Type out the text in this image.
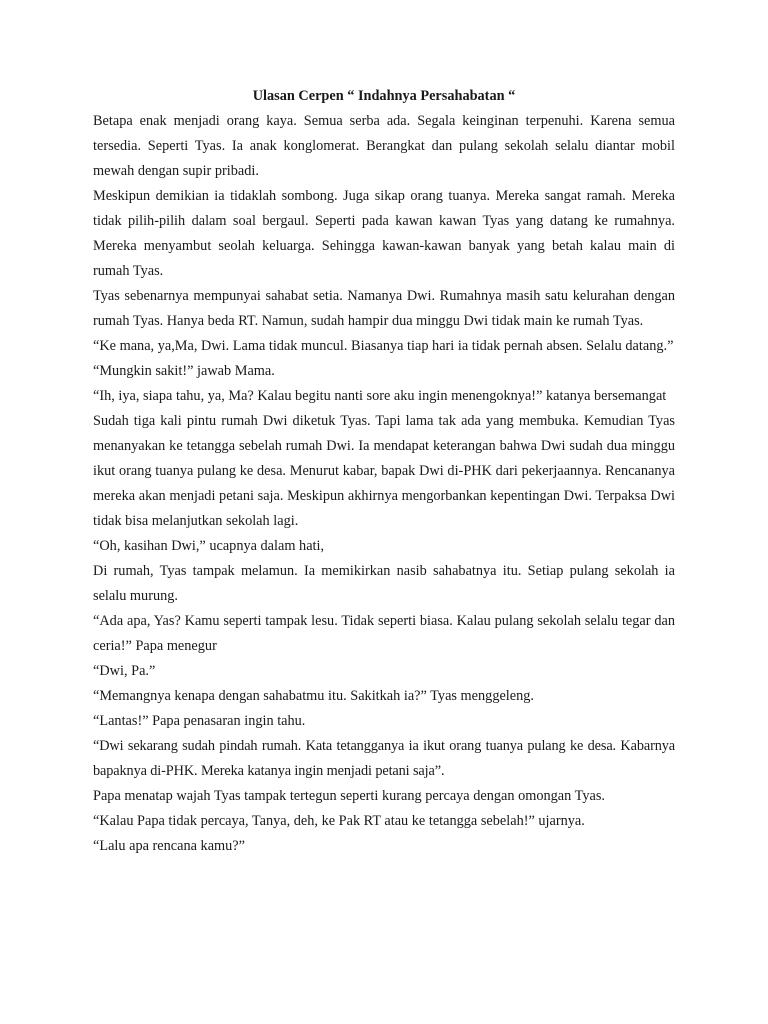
Ulasan Cerpen “ Indahnya Persahabatan “

Betapa enak menjadi orang kaya. Semua serba ada. Segala keinginan terpenuhi. Karena semua tersedia. Seperti Tyas. Ia anak konglomerat. Berangkat dan pulang sekolah selalu diantar mobil mewah dengan supir pribadi.

Meskipun demikian ia tidaklah sombong. Juga sikap orang tuanya. Mereka sangat ramah. Mereka tidak pilih-pilih dalam soal bergaul. Seperti pada kawan kawan Tyas yang datang ke rumahnya. Mereka menyambut seolah keluarga. Sehingga kawan-kawan banyak yang betah kalau main di rumah Tyas.

Tyas sebenarnya mempunyai sahabat setia. Namanya Dwi. Rumahnya masih satu kelurahan dengan rumah Tyas. Hanya beda RT. Namun, sudah hampir dua minggu Dwi tidak main ke rumah Tyas.

“Ke mana, ya,Ma, Dwi. Lama tidak muncul. Biasanya tiap hari ia tidak pernah absen. Selalu datang.”

“Mungkin sakit!” jawab Mama.

“Ih, iya, siapa tahu, ya, Ma? Kalau begitu nanti sore aku ingin menengoknya!” katanya bersemangat

Sudah tiga kali pintu rumah Dwi diketuk Tyas. Tapi lama tak ada yang membuka. Kemudian Tyas menanyakan ke tetangga sebelah rumah Dwi. Ia mendapat keterangan bahwa Dwi sudah dua minggu ikut orang tuanya pulang ke desa. Menurut kabar, bapak Dwi di-PHK dari pekerjaannya. Rencananya mereka akan menjadi petani saja. Meskipun akhirnya mengorbankan kepentingan Dwi. Terpaksa Dwi tidak bisa melanjutkan sekolah lagi.

“Oh, kasihan Dwi,” ucapnya dalam hati,

Di rumah, Tyas tampak melamun. Ia memikirkan nasib sahabatnya itu. Setiap pulang sekolah ia selalu murung.

“Ada apa, Yas? Kamu seperti tampak lesu. Tidak seperti biasa. Kalau pulang sekolah selalu tegar dan ceria!” Papa menegur

“Dwi, Pa.”

“Memangnya kenapa dengan sahabatmu itu. Sakitkah ia?” Tyas menggeleng.

“Lantas!” Papa penasaran ingin tahu.

“Dwi sekarang sudah pindah rumah. Kata tetangganya ia ikut orang tuanya pulang ke desa. Kabarnya bapaknya di-PHK. Mereka katanya ingin menjadi petani saja”.

Papa menatap wajah Tyas tampak tertegun seperti kurang percaya dengan omongan Tyas.

“Kalau Papa tidak percaya, Tanya, deh, ke Pak RT atau ke tetangga sebelah!” ujarnya.

“Lalu apa rencana kamu?”
